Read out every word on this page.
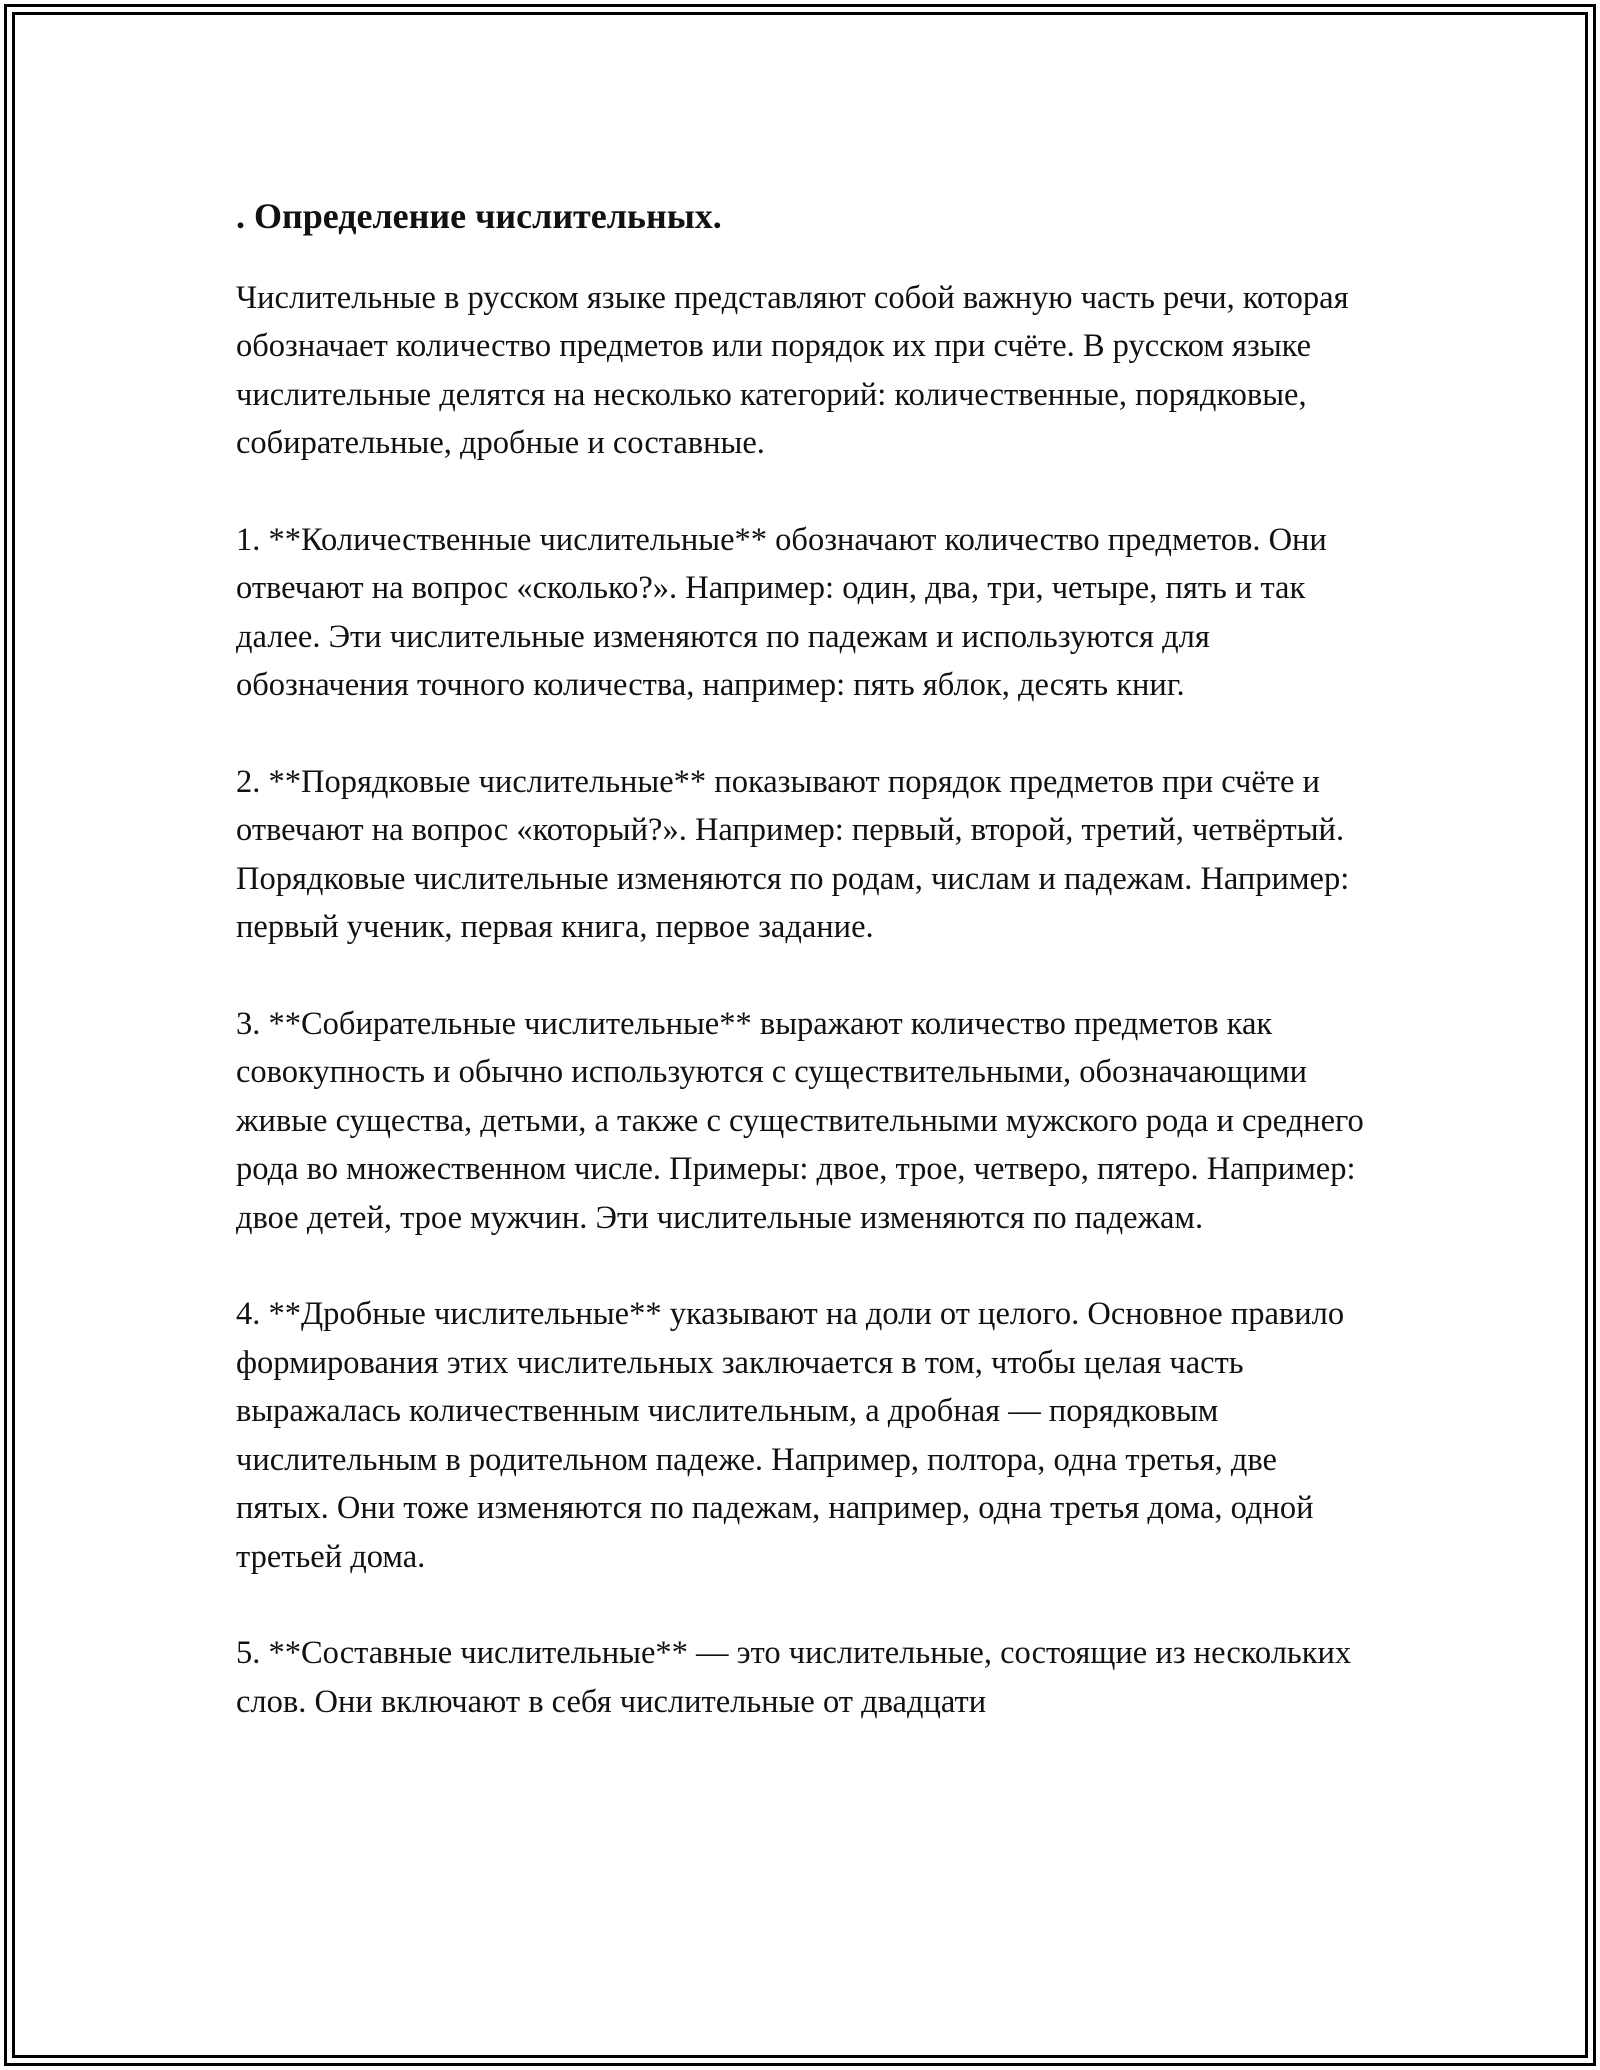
. Определение числительных.

Числительные в русском языке представляют собой важную часть речи, которая обозначает количество предметов или порядок их при счёте. В русском языке числительные делятся на несколько категорий: количественные, порядковые, собирательные, дробные и составные.

1. **Количественные числительные** обозначают количество предметов. Они отвечают на вопрос «сколько?». Например: один, два, три, четыре, пять и так далее. Эти числительные изменяются по падежам и используются для обозначения точного количества, например: пять яблок, десять книг.

2. **Порядковые числительные** показывают порядок предметов при счёте и отвечают на вопрос «который?». Например: первый, второй, третий, четвёртый. Порядковые числительные изменяются по родам, числам и падежам. Например: первый ученик, первая книга, первое задание.

3. **Собирательные числительные** выражают количество предметов как совокупность и обычно используются с существительными, обозначающими живые существа, детьми, а также с существительными мужского рода и среднего рода во множественном числе. Примеры: двое, трое, четверо, пятеро. Например: двое детей, трое мужчин. Эти числительные изменяются по падежам.

4. **Дробные числительные** указывают на доли от целого. Основное правило формирования этих числительных заключается в том, чтобы целая часть выражалась количественным числительным, а дробная — порядковым числительным в родительном падеже. Например, полтора, одна третья, две пятых. Они тоже изменяются по падежам, например, одна третья дома, одной третьей дома.

5. **Составные числительные** — это числительные, состоящие из нескольких слов. Они включают в себя числительные от двадцати
